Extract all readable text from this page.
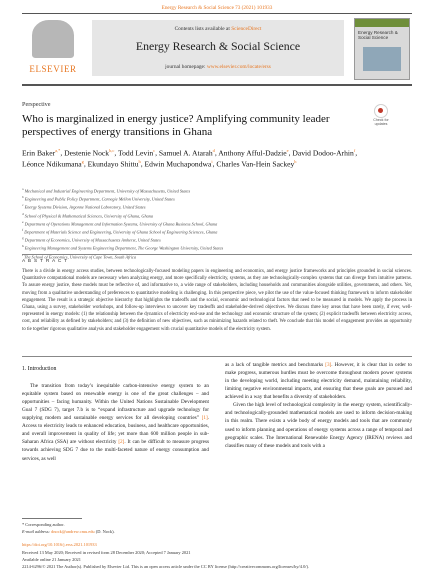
Energy Research & Social Science 73 (2021) 101933
ELSEVIER
Contents lists available at ScienceDirect
Energy Research & Social Science
journal homepage: www.elsevier.com/locate/erss
Energy Research & Social Science
Perspective
Check for updates
Who is marginalized in energy justice? Amplifying community leader perspectives of energy transitions in Ghana
Erin Baker$^{a,*}$, Destenie Nock$^{b,c}$, Todd Levin$^c$, Samuel A. Atarah$^d$, Anthony Afful-Dadzie$^e$, David Dodoo-Arhin$^f$, Léonce Ndikumana$^g$, Ekundayo Shittu$^h$, Edwin Muchapondwa$^i$, Charles Van-Hein Sackey$^h$
$^a$ Mechanical and Industrial Engineering Department, University of Massachusetts, United States
$^b$ Engineering and Public Policy Department, Carnegie Mellon University, United States
$^c$ Energy Systems Division, Argonne National Laboratory, United States
$^d$ School of Physical & Mathematical Sciences, University of Ghana, Ghana
$^e$ Department of Operations Management and Information Systems, University of Ghana Business School, Ghana
$^f$ Department of Materials Science and Engineering, University of Ghana School of Engineering Sciences, Ghana
$^g$ Department of Economics, University of Massachusetts Amherst, United States
$^h$ Engineering Management and Systems Engineering Department, The George Washington University, United States
$^i$ The School of Economics, University of Cape Town, South Africa
A B S T R A C T
There is a divide in energy access studies, between technologically-focused modeling papers in engineering and economics, and energy justice frameworks and principles grounded in social sciences. Quantitative computational models are necessary when analyzing energy, and more specifically electricity, systems, as they are technologically-complex systems that can diverge from intuitive patterns. To assure energy justice, these models must be reflective of, and informative to, a wide range of stakeholders, including households and communities alongside utilities, governments, and others. Yet, moving from a qualitative understanding of preferences to quantitative modeling is challenging. In this perspective piece, we pilot the use of the value-focused thinking framework to inform stakeholder engagement. The result is a strategic objective hierarchy that highlights the tradeoffs and the social, economic and technological factors that need to be measured in models. We apply the process in Ghana, using a survey, stakeholder workshops, and follow-up interviews to uncover key tradeoffs and stakeholder-derived objectives. We discuss three key areas that have been rarely, if ever, well-represented in energy models: (1) the relationship between the dynamics of electricity end-use and the technology and economic structure of the system; (2) explicit tradeoffs between electricity access, cost, and reliability as defined by stakeholders; and (3) the definition of new objectives, such as minimizing hazards related to theft. We conclude that this model of engagement provides an opportunity to tie together rigorous qualitative analysis and stakeholder engagement with crucial quantitative models of the electricity system.
1. Introduction

The transition from today’s inequitable carbon-intensive energy system to an equitable system based on renewable energy is one of the great challenges – and opportunities – facing humanity. Within the United Nations Sustainable Development Goal 7 (SDG 7), target 7.b is to “expand infrastructure and upgrade technology for supplying modern and sustainable energy services for all developing countries” [1]. Access to electricity leads to enhanced education, business, and healthcare opportunities, and overall improvement in quality of life; yet more than 600 million people in sub-Saharan Africa (SSA) are without electricity [2]. It can be difficult to measure progress towards achieving SDG 7 due to the multi-faceted nature of energy consumption and services, as well

as a lack of tangible metrics and benchmarks [3]. However, it is clear that in order to make progress, numerous hurdles must be overcome throughout modern power systems in the developing world, including meeting electricity demand, maintaining reliability, limiting negative environmental impacts, and ensuring that these goals are pursued and achieved in a way that benefits a diversity of stakeholders.

Given the high level of technological complexity in the energy system, scientifically- and technologically-grounded mathematical models are used to inform decision-making in this realm. There exists a wide body of energy models and tools that are commonly used to inform planning and operations of energy systems across a range of temporal and geographic scales. The International Renewable Energy Agency (IRENA) reviews and classifies many of these models and tools with a

* Corresponding author.
E-mail address: dnock@andrew.cmu.edu (D. Nock).
https://doi.org/10.1016/j.erss.2021.101933
Received 13 May 2020; Received in revised form 28 December 2020; Accepted 7 January 2021
Available online 21 January 2021
2214-6296/© 2021 The Author(s). Published by Elsevier Ltd. This is an open access article under the CC BY license (http://creativecommons.org/licenses/by/4.0/).
